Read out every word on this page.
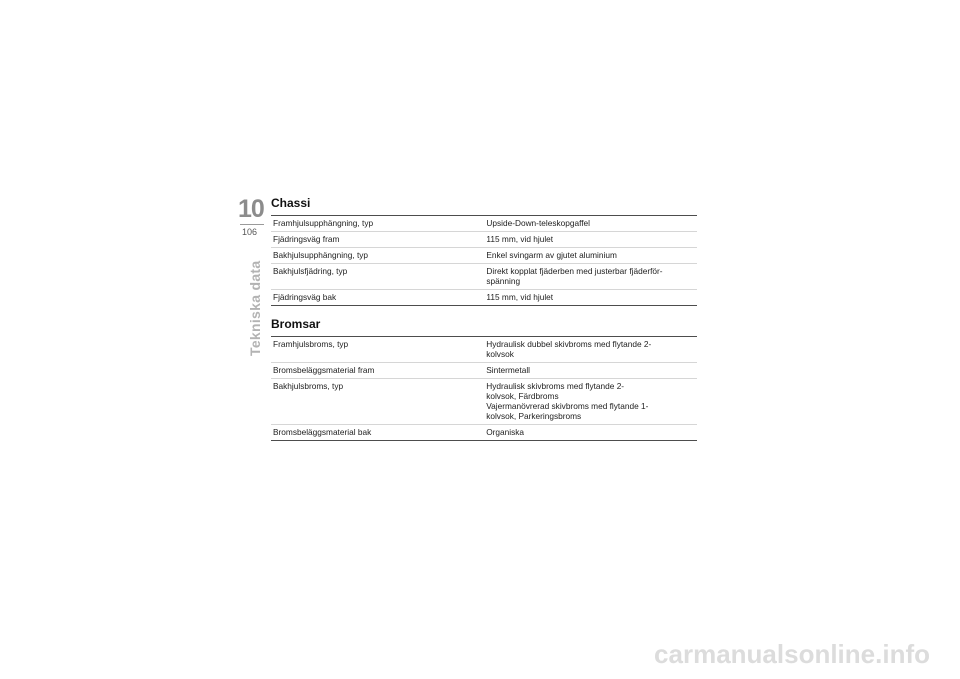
10
106
Tekniska data
Chassi
Framhjulsupphängning, typ	Upside-Down-teleskopgaffel

Fjädringsväg fram	115 mm, vid hjulet

Bakhjulsupphängning, typ	Enkel svingarm av gjutet aluminium

Bakhjulsfjädring, typ	Direkt kopplat fjäderben med justerbar fjäderför-
spänning

Fjädringsväg bak	115 mm, vid hjulet
Bromsar
Framhjulsbroms, typ	Hydraulisk dubbel skivbroms med flytande 2-
kolvsok

Bromsbeläggsmaterial fram	Sintermetall

Bakhjulsbroms, typ	Hydraulisk skivbroms med flytande 2-
kolvsok, Färdbroms
Vajermanövrerad skivbroms med flytande 1-
kolvsok, Parkeringsbroms

Bromsbeläggsmaterial bak	Organiska
carmanualsonline.info
